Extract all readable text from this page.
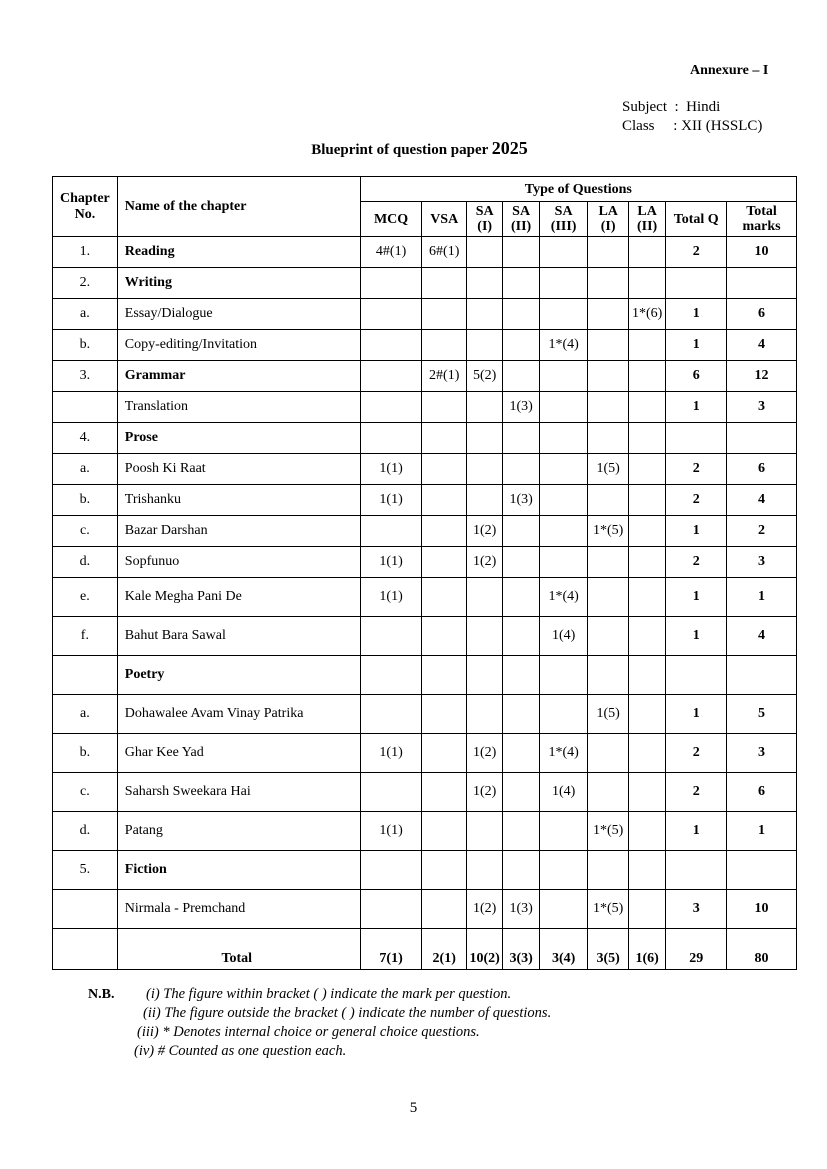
Annexure – I
Subject  :  Hindi
Class     : XII (HSSLC)
Blueprint of question paper 2025
Chapter No.	Name of the chapter	Type of Questions								
		MCQ	VSA	SA (I)	SA (II)	SA (III)	LA (I)	LA (II)	Total Q	Total marks
1.	Reading	4#(1)	6#(1)						2	10
2.	Writing									
a.	Essay/Dialogue							1*(6)	1	6
b.	Copy-editing/Invitation					1*(4)			1	4
3.	Grammar		2#(1)	5(2)					6	12
	Translation				1(3)				1	3
4.	Prose									
a.	Poosh Ki Raat	1(1)					1(5)		2	6
b.	Trishanku	1(1)			1(3)				2	4
c.	Bazar Darshan			1(2)			1*(5)		1	2
d.	Sopfunuo	1(1)		1(2)					2	3
e.	Kale Megha Pani De	1(1)				1*(4)			1	1
f.	Bahut Bara Sawal					1(4)			1	4
	Poetry									
a.	Dohawalee Avam Vinay Patrika						1(5)		1	5
b.	Ghar Kee Yad	1(1)		1(2)		1*(4)			2	3
c.	Saharsh Sweekara Hai			1(2)		1(4)			2	6
d.	Patang	1(1)					1*(5)		1	1
5.	Fiction									
	Nirmala - Premchand			1(2)	1(3)		1*(5)		3	10
	Total	7(1)	2(1)	10(2)	3(3)	3(4)	3(5)	1(6)	29	80
N.B. (i) The figure within bracket ( ) indicate the mark per question.
(ii) The figure outside the bracket ( ) indicate the number of questions.
(iii) * Denotes internal choice or general choice questions.
(iv) # Counted as one question each.
5
